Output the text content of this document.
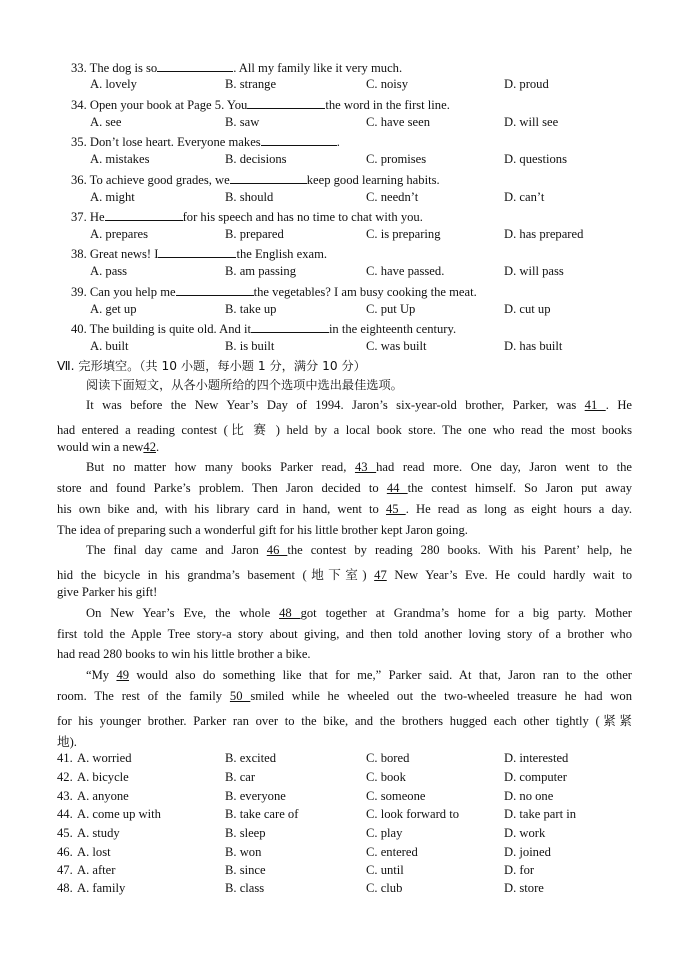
33. The dog is so	. All my family like it very much.
A. lovely	B. strange	C. noisy	D. proud
34. Open your book at Page 5. You	the word in the first line.
A. see	B. saw	C. have seen	D. will see
35. Don’t lose heart. Everyone makes	.
A. mistakes	B. decisions	C. promises	D. questions
36. To achieve good grades, we	keep good learning habits.
A. might	B. should	C. needn’t	D. can’t
37. He	for his speech and has no time to chat with you.
A. prepares	B. prepared	C. is preparing	D. has prepared
38. Great news! I	the English exam.
A. pass	B. am passing	C. have passed.	D. will pass
39. Can you help me	the vegetables? I am busy cooking the meat.
A. get up	B. take up	C. put Up	D. cut up
40. The building is quite old. And it	in the eighteenth century.
A. built	B. is built	C. was built	D. has built
Ⅶ. 完形填空。（共 10 小题，每小题 1 分，满分 10 分）
阅读下面短文，从各小题所给的四个选项中选出最佳选项。
It was before the New Year’s Day of 1994. Jaron’s six-year-old brother, Parker, was 41 . He
had entered a reading contest (比 赛 ) held by a local book store. The one who read the most books
would win a new42.
But no matter how many books Parker read, 43 had read more. One day, Jaron went to the
store and found Parke’s problem. Then Jaron decided to 44 the contest himself. So Jaron put away
his own bike and, with his library card in hand, went to 45 . He read as long as eight hours a day.
The idea of preparing such a wonderful gift for his little brother kept Jaron going.
The final day came and Jaron 46 the contest by reading 280 books. With his Parent’ help, he
hid the bicycle in his grandma’s basement (地下室) 47 New Year’s Eve. He could hardly wait to
give Parker his gift!
On New Year’s Eve, the whole 48 got together at Grandma’s home for a big party. Mother
first told the Apple Tree story-a story about giving, and then told another loving story of a brother who
had read 280 books to win his little brother a bike.
“My 49 would also do something like that for me,” Parker said. At that, Jaron ran to the other
room. The rest of the family 50 smiled while he wheeled out the two-wheeled treasure he had won
for his younger brother. Parker ran over to the bike, and the brothers hugged each other tightly (紧紧
地).
41. A. worried	B. excited	C. bored	D. interested
42. A. bicycle	B. car	C. book	D. computer
43. A. anyone	B. everyone	C. someone	D. no one
44. A. come up with	B. take care of	C. look forward to	D. take part in
45. A. study	B. sleep	C. play	D. work
46. A. lost	B. won	C. entered	D. joined
47. A. after	B. since	C. until	D. for
48. A. family	B. class	C. club	D. store
